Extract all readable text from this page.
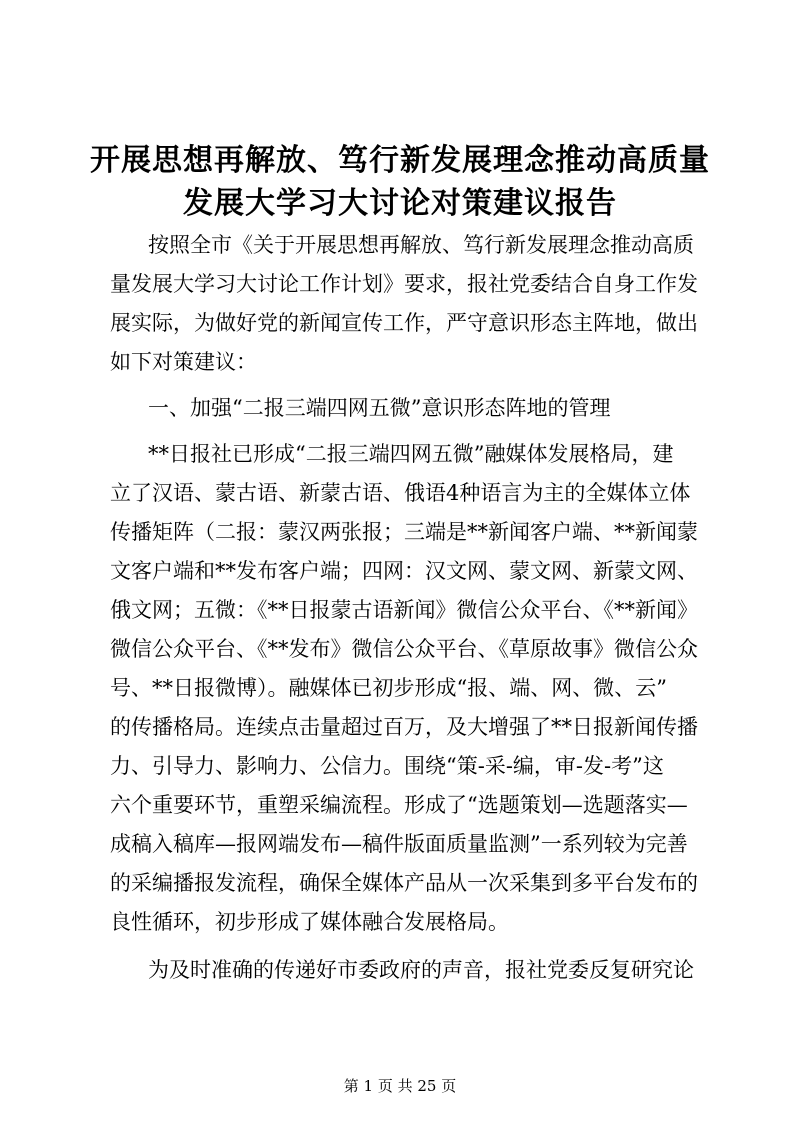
开展思想再解放、笃行新发展理念推动高质量
发展大学习大讨论对策建议报告
按照全市《关于开展思想再解放、笃行新发展理念推动高质
量发展大学习大讨论工作计划》要求，报社党委结合自身工作发
展实际，为做好党的新闻宣传工作，严守意识形态主阵地，做出
如下对策建议：
一、加强“二报三端四网五微”意识形态阵地的管理
**日报社已形成“二报三端四网五微”融媒体发展格局，建
立了汉语、蒙古语、新蒙古语、俄语4种语言为主的全媒体立体
传播矩阵（二报：蒙汉两张报；三端是**新闻客户端、**新闻蒙
文客户端和**发布客户端；四网：汉文网、蒙文网、新蒙文网、
俄文网；五微：《**日报蒙古语新闻》微信公众平台、《**新闻》
微信公众平台、《**发布》微信公众平台、《草原故事》微信公众
号、**日报微博）。融媒体已初步形成“报、端、网、微、云”
的传播格局。连续点击量超过百万，及大增强了**日报新闻传播
力、引导力、影响力、公信力。围绕“策-采-编，审-发-考”这
六个重要环节，重塑采编流程。形成了“选题策划—选题落实—
成稿入稿库—报网端发布—稿件版面质量监测”一系列较为完善
的采编播报发流程，确保全媒体产品从一次采集到多平台发布的
良性循环，初步形成了媒体融合发展格局。
为及时准确的传递好市委政府的声音，报社党委反复研究论
第 1 页 共 25 页
